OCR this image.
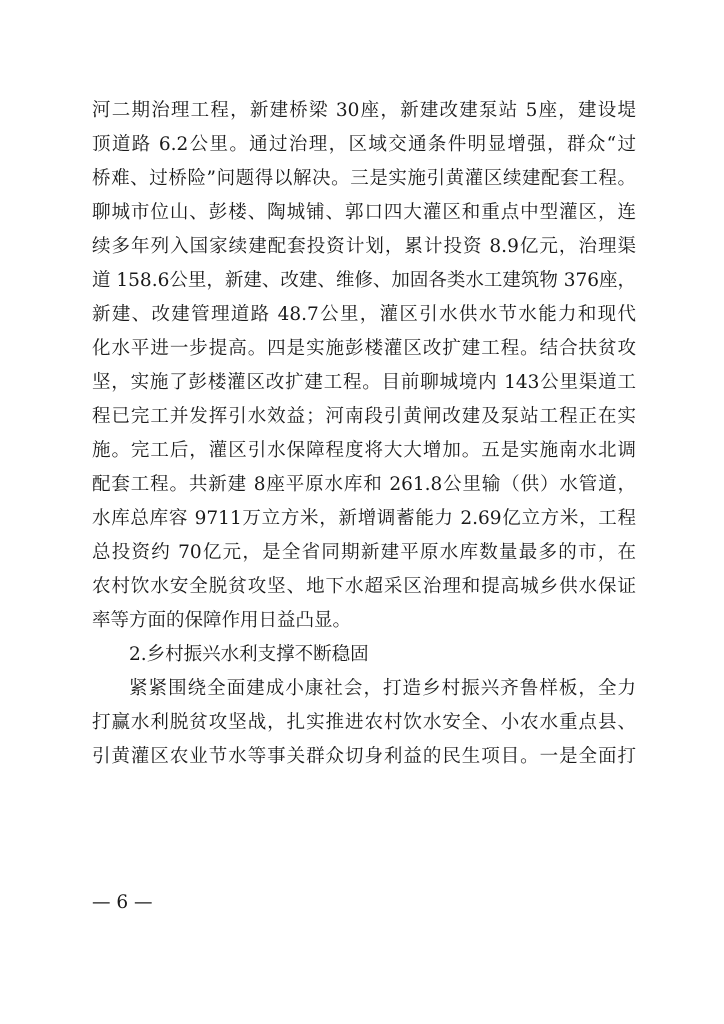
河二期治理工程，新建桥梁 30座，新建改建泵站 5座，建设堤
顶道路 6.2公里。通过治理，区域交通条件明显增强，群众“过
桥难、过桥险”问题得以解决。三是实施引黄灌区续建配套工程。
聊城市位山、彭楼、陶城铺、郭口四大灌区和重点中型灌区，连
续多年列入国家续建配套投资计划，累计投资 8.9亿元，治理渠
道 158.6公里，新建、改建、维修、加固各类水工建筑物 376座，
新建、改建管理道路 48.7公里，灌区引水供水节水能力和现代
化水平进一步提高。四是实施彭楼灌区改扩建工程。结合扶贫攻
坚，实施了彭楼灌区改扩建工程。目前聊城境内 143公里渠道工
程已完工并发挥引水效益；河南段引黄闸改建及泵站工程正在实
施。完工后，灌区引水保障程度将大大增加。五是实施南水北调
配套工程。共新建 8座平原水库和 261.8公里输（供）水管道，
水库总库容 9711万立方米，新增调蓄能力 2.69亿立方米，工程
总投资约 70亿元，是全省同期新建平原水库数量最多的市，在
农村饮水安全脱贫攻坚、地下水超采区治理和提高城乡供水保证
率等方面的保障作用日益凸显。
2.乡村振兴水利支撑不断稳固
紧紧围绕全面建成小康社会，打造乡村振兴齐鲁样板，全力
打赢水利脱贫攻坚战，扎实推进农村饮水安全、小农水重点县、
引黄灌区农业节水等事关群众切身利益的民生项目。一是全面打
— 6 —
